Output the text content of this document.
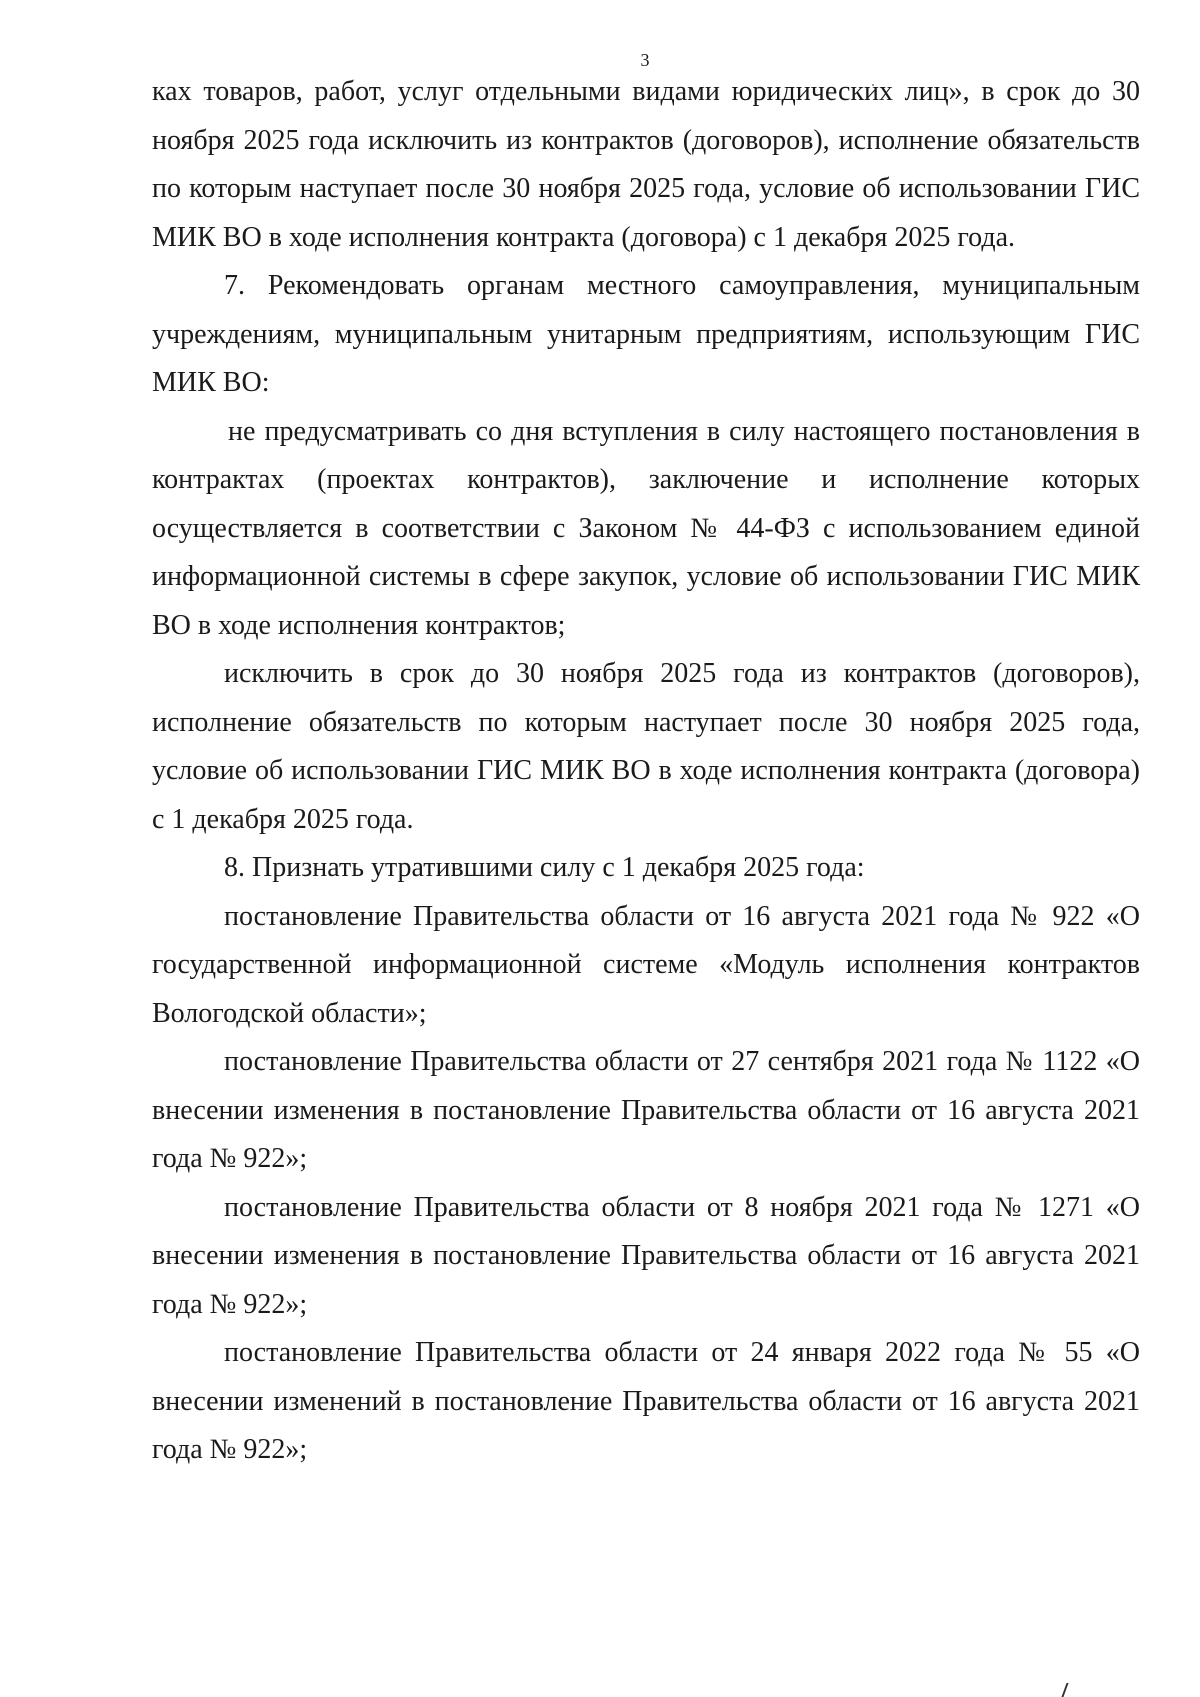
3

ках товаров, работ, услуг отдельными видами юридических лиц», в срок до 30 ноября 2025 года исключить из контрактов (договоров), исполнение обязательств по которым наступает после 30 ноября 2025 года, условие об использовании ГИС МИК ВО в ходе исполнения контракта (договора) с 1 декабря 2025 года.

7. Рекомендовать органам местного самоуправления, муниципальным учреждениям, муниципальным унитарным предприятиям, использующим ГИС МИК ВО:

не предусматривать со дня вступления в силу настоящего постановления в контрактах (проектах контрактов), заключение и исполнение которых осуществляется в соответствии с Законом № 44-ФЗ с использованием единой информационной системы в сфере закупок, условие об использовании ГИС МИК ВО в ходе исполнения контрактов;

исключить в срок до 30 ноября 2025 года из контрактов (договоров), исполнение обязательств по которым наступает после 30 ноября 2025 года, условие об использовании ГИС МИК ВО в ходе исполнения контракта (договора) с 1 декабря 2025 года.

8. Признать утратившими силу с 1 декабря 2025 года:

постановление Правительства области от 16 августа 2021 года № 922 «О государственной информационной системе «Модуль исполнения контрактов Вологодской области»;

постановление Правительства области от 27 сентября 2021 года № 1122 «О внесении изменения в постановление Правительства области от 16 августа 2021 года № 922»;

постановление Правительства области от 8 ноября 2021 года № 1271 «О внесении изменения в постановление Правительства области от 16 августа 2021 года № 922»;

постановление Правительства области от 24 января 2022 года № 55 «О внесении изменений в постановление Правительства области от 16 августа 2021 года № 922»;
